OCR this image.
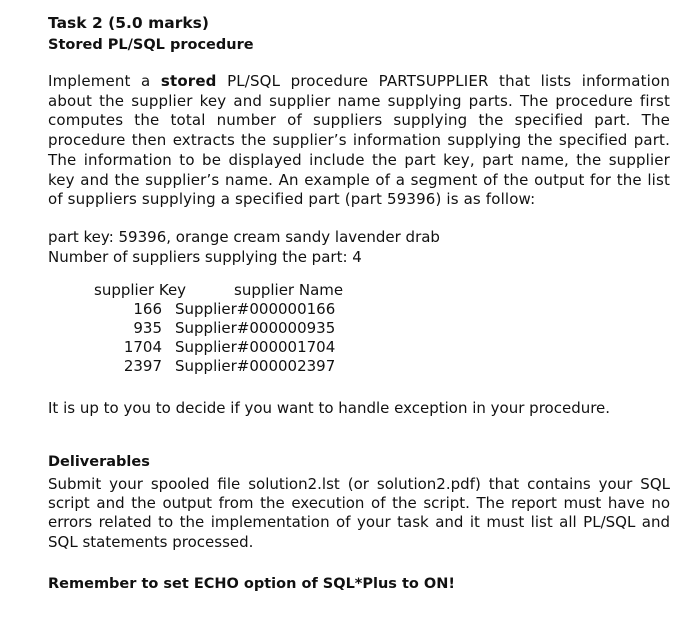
Task 2 (5.0 marks)

Stored PL/SQL procedure

Implement a stored PL/SQL procedure PARTSUPPLIER that lists information about the supplier key and supplier name supplying parts. The procedure first computes the total number of suppliers supplying the specified part. The procedure then extracts the supplier’s information supplying the specified part. The information to be displayed include the part key, part name, the supplier key and the supplier’s name. An example of a segment of the output for the list of suppliers supplying a specified part (part 59396) is as follow:

part key: 59396, orange cream sandy lavender drab
Number of suppliers supplying the part: 4
supplier Key	supplier Name
166 Supplier#000000166
935 Supplier#000000935
1704 Supplier#000001704
2397 Supplier#000002397

It is up to you to decide if you want to handle exception in your procedure.

Deliverables

Submit your spooled file solution2.lst (or solution2.pdf) that contains your SQL script and the output from the execution of the script. The report must have no errors related to the implementation of your task and it must list all PL/SQL and SQL statements processed.

Remember to set ECHO option of SQL*Plus to ON!
